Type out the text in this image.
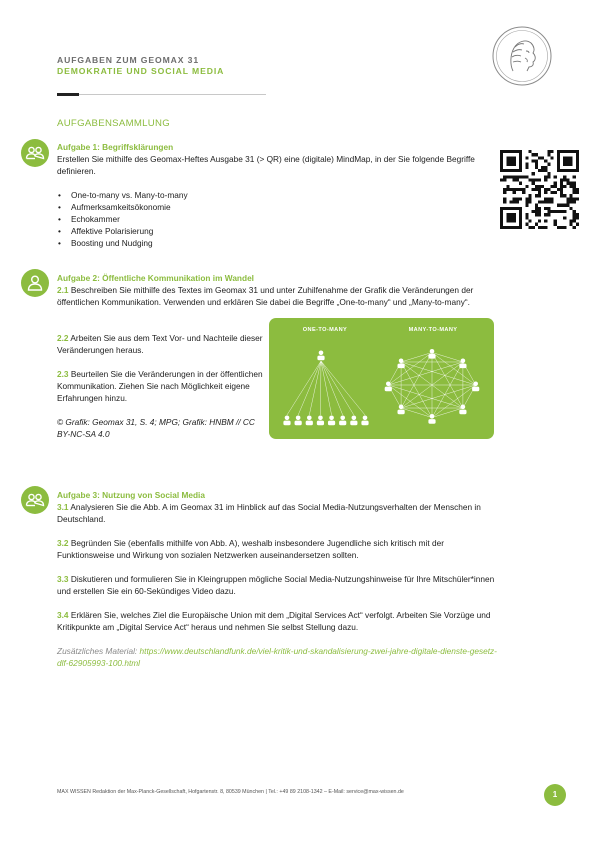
AUFGABEN ZUM GEOMAX 31
DEMOKRATIE UND SOCIAL MEDIA
AUFGABENSAMMLUNG
Aufgabe 1: Begriffsklärungen
Erstellen Sie mithilfe des Geomax-Heftes Ausgabe 31 (> QR) eine (digitale) MindMap, in der Sie folgende Begriffe definieren.
• One-to-many vs. Many-to-many
• Aufmerksamkeitsökonomie
• Echokammer
• Affektive Polarisierung
• Boosting und Nudging
Aufgabe 2: Öffentliche Kommunikation im Wandel
2.1 Beschreiben Sie mithilfe des Textes im Geomax 31 und unter Zuhilfenahme der Grafik die Veränderungen der öffentlichen Kommunikation. Verwenden und erklären Sie dabei die Begriffe „One-to-many“ und „Many-to-many“.
2.2 Arbeiten Sie aus dem Text Vor- und Nachteile dieser Veränderungen heraus.
2.3 Beurteilen Sie die Veränderungen in der öffentlichen Kommunikation. Ziehen Sie nach Möglichkeit eigene Erfahrungen hinzu.
© Grafik: Geomax 31, S. 4; MPG; Grafik: HNBM // CC BY-NC-SA 4.0
ONE-TO-MANY	MANY-TO-MANY
Aufgabe 3: Nutzung von Social Media
3.1 Analysieren Sie die Abb. A im Geomax 31 im Hinblick auf das Social Media-Nutzungsverhalten der Menschen in Deutschland.
3.2 Begründen Sie (ebenfalls mithilfe von Abb. A), weshalb insbesondere Jugendliche sich kritisch mit der Funktionsweise und Wirkung von sozialen Netzwerken auseinandersetzen sollten.
3.3 Diskutieren und formulieren Sie in Kleingruppen mögliche Social Media-Nutzungshinweise für Ihre Mitschüler*innen und erstellen Sie ein 60-Sekündiges Video dazu.
3.4 Erklären Sie, welches Ziel die Europäische Union mit dem „Digital Services Act“ verfolgt. Arbeiten Sie Vorzüge und Kritikpunkte am „Digital Service Act“ heraus und nehmen Sie selbst Stellung dazu.
Zusätzliches Material: https://www.deutschlandfunk.de/viel-kritik-und-skandalisierung-zwei-jahre-digitale-dienste-gesetz-dlf-62905993-100.html
MAX WISSEN Redaktion der Max-Planck-Gesellschaft, Hofgartenstr. 8, 80539 München | Tel.: +49 89 2108-1342 – E-Mail: service@max-wissen.de	1
